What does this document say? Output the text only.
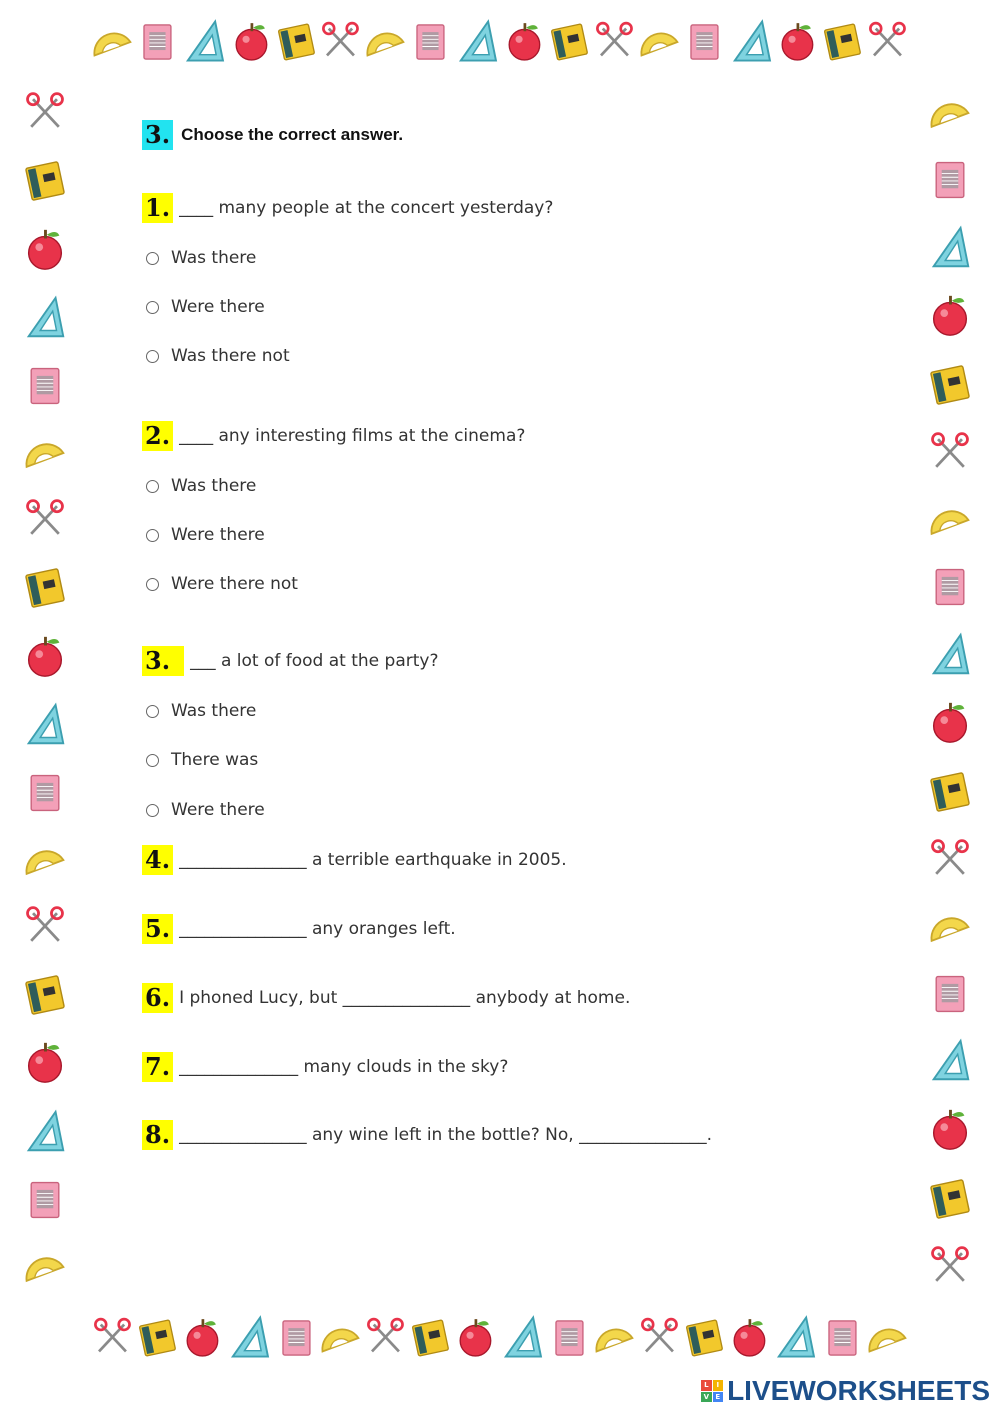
3. Choose the correct answer.
1. ____ many people at the concert yesterday?
Was there
Were there
Was there not
2. ____ any interesting films at the cinema?
Was there
Were there
Were there not
3.	___ a lot of food at the party?
Was there
There was
Were there
4. _______________ a terrible earthquake in 2005.
5. _______________ any oranges left.
6. I phoned Lucy, but _______________ anybody at home.
7. ______________ many clouds in the sky?
8. _______________ any wine left in the bottle? No, _______________.
L	I
V E LIVEWORKSHEETS
